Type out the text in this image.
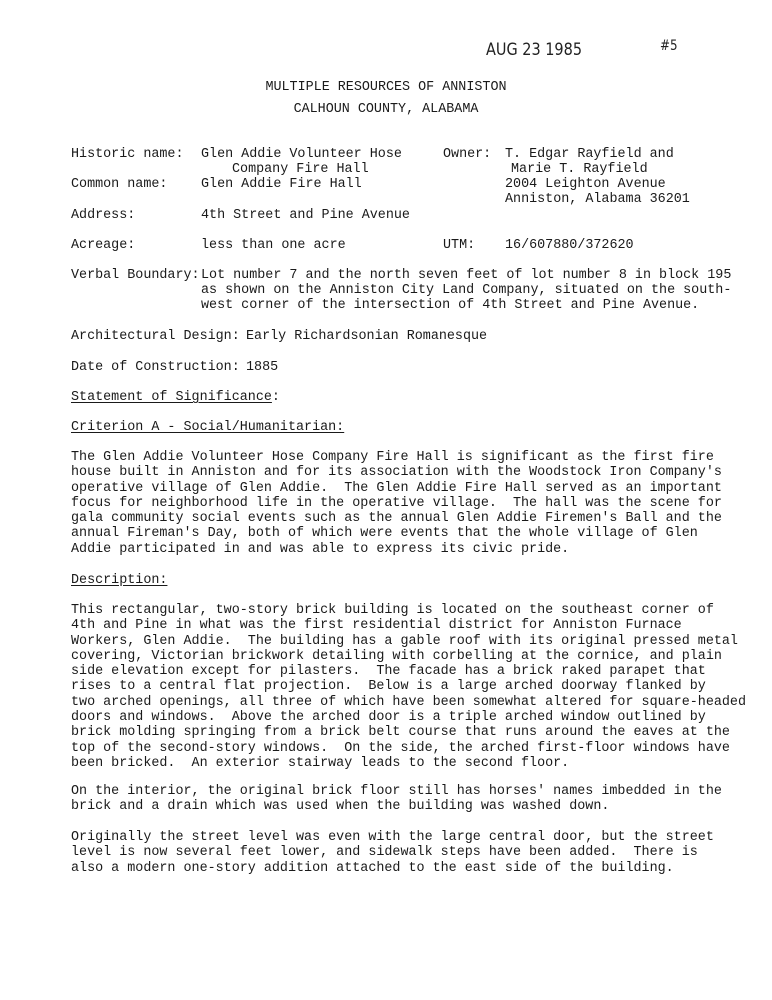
AUG 23 1985	#5
MULTIPLE RESOURCES OF ANNISTON
CALHOUN COUNTY, ALABAMA
Historic name: Glen Addie Volunteer Hose
Company Fire Hall
Owner: T. Edgar Rayfield and
Marie T. Rayfield
2004 Leighton Avenue
Anniston, Alabama 36201
Common name:	Glen Addie Fire Hall
Address:	4th Street and Pine Avenue
Acreage:	less than one acre	UTM: 16/607880/372620
Verbal Boundary: Lot number 7 and the north seven feet of lot number 8 in block 195
as shown on the Anniston City Land Company, situated on the south-
west corner of the intersection of 4th Street and Pine Avenue.
Architectural Design: Early Richardsonian Romanesque
Date of Construction: 1885
Statement of Significance:
Criterion A - Social/Humanitarian:
The Glen Addie Volunteer Hose Company Fire Hall is significant as the first fire
house built in Anniston and for its association with the Woodstock Iron Company's
operative village of Glen Addie.  The Glen Addie Fire Hall served as an important
focus for neighborhood life in the operative village.  The hall was the scene for
gala community social events such as the annual Glen Addie Firemen's Ball and the
annual Fireman's Day, both of which were events that the whole village of Glen
Addie participated in and was able to express its civic pride.
Description:
This rectangular, two-story brick building is located on the southeast corner of
4th and Pine in what was the first residential district for Anniston Furnace
Workers, Glen Addie.  The building has a gable roof with its original pressed metal
covering, Victorian brickwork detailing with corbelling at the cornice, and plain
side elevation except for pilasters.  The facade has a brick raked parapet that
rises to a central flat projection.  Below is a large arched doorway flanked by
two arched openings, all three of which have been somewhat altered for square-headed
doors and windows.  Above the arched door is a triple arched window outlined by
brick molding springing from a brick belt course that runs around the eaves at the
top of the second-story windows.  On the side, the arched first-floor windows have
been bricked.  An exterior stairway leads to the second floor.
On the interior, the original brick floor still has horses' names imbedded in the
brick and a drain which was used when the building was washed down.
Originally the street level was even with the large central door, but the street
level is now several feet lower, and sidewalk steps have been added.  There is
also a modern one-story addition attached to the east side of the building.
